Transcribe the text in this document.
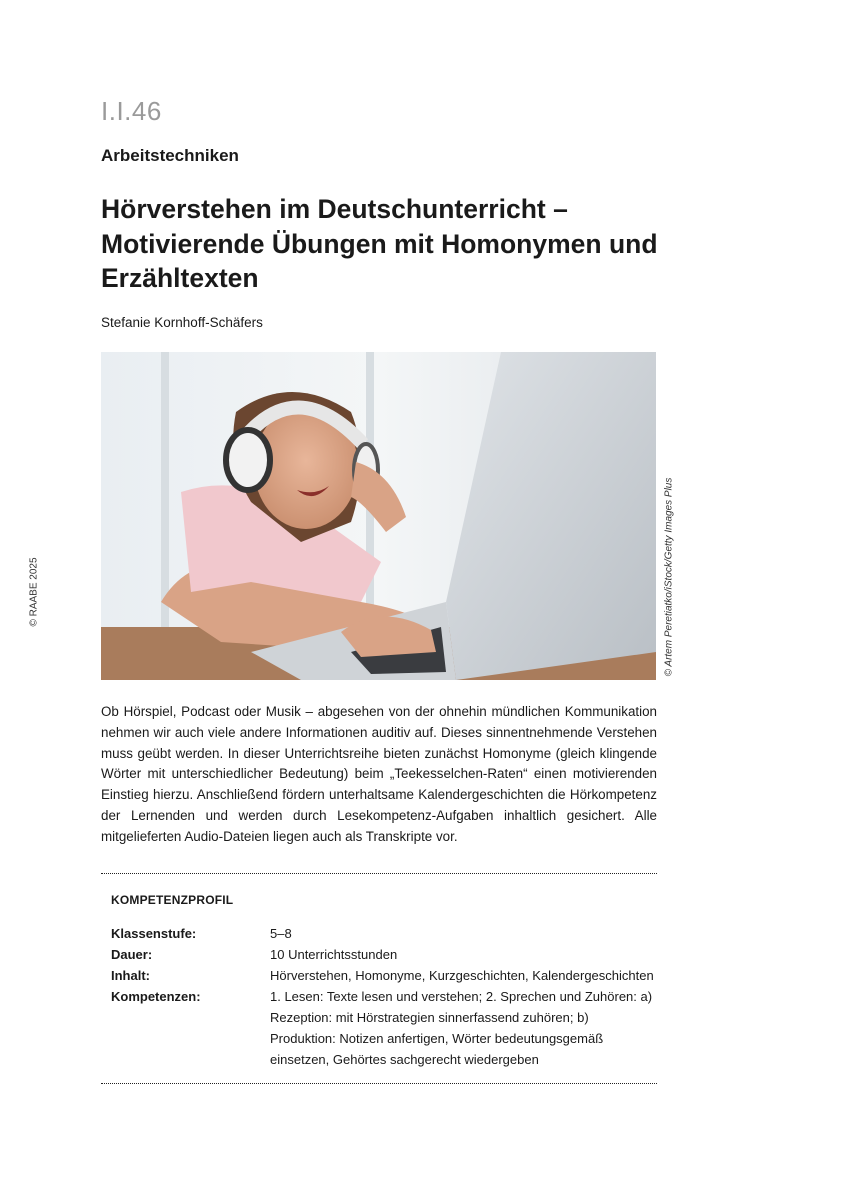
I.I.46
Arbeitstechniken
Hörverstehen im Deutschunterricht – Motivierende Übungen mit Homonymen und Erzähltexten
Stefanie Kornhoff-Schäfers
© RAABE 2025	© Artem Peretiatko/iStock/Getty Images Plus

Ob Hörspiel, Podcast oder Musik – abgesehen von der ohnehin mündlichen Kommunikation nehmen wir auch viele andere Informationen auditiv auf. Dieses sinnentnehmende Verstehen muss geübt werden. In dieser Unterrichtsreihe bieten zunächst Homonyme (gleich klingende Wörter mit unterschiedlicher Bedeutung) beim „Teekesselchen-Raten“ einen motivierenden Einstieg hierzu. Anschließend fördern unterhaltsame Kalendergeschichten die Hörkompetenz der Lernenden und werden durch Lesekompetenz-Aufgaben inhaltlich gesichert. Alle mitgelieferten Audio-Dateien liegen auch als Transkripte vor.

KOMPETENZPROFIL
Klassenstufe:	5–8
Dauer:	10 Unterrichtsstunden
Inhalt:	Hörverstehen, Homonyme, Kurzgeschichten, Kalendergeschichten
Kompetenzen:	1. Lesen: Texte lesen und verstehen; 2. Sprechen und Zuhören: a) Rezeption: mit Hörstrategien sinnerfassend zuhören; b) Produktion: Notizen anfertigen, Wörter bedeutungsgemäß einsetzen, Gehörtes sachgerecht wiedergeben
